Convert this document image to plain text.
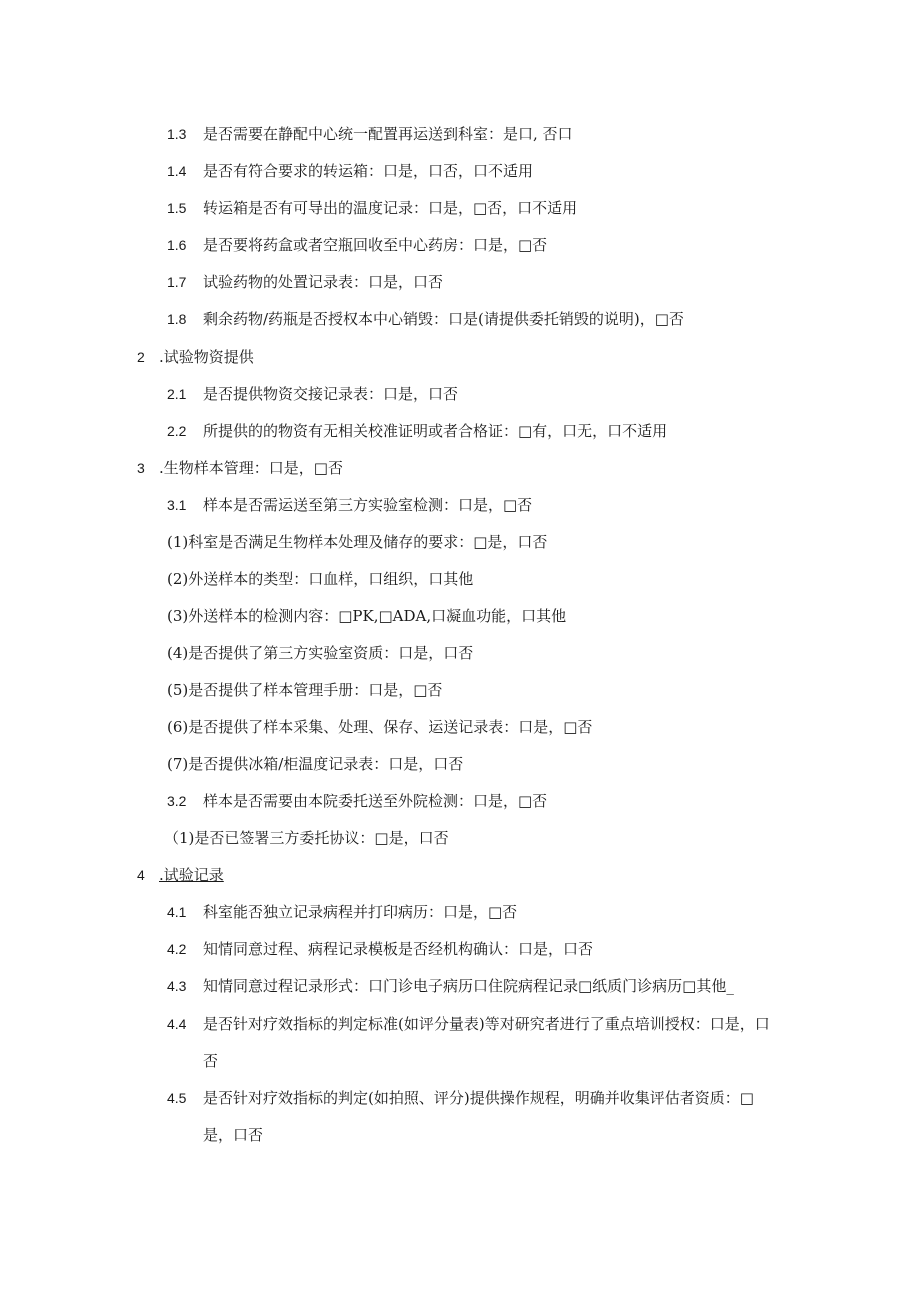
1.3 是否需要在静配中心统一配置再运送到科室：是口, 否口
1.4 是否有符合要求的转运箱：口是，口否，口不适用
1.5 转运箱是否有可导出的温度记录：口是，□否，口不适用
1.6 是否要将药盒或者空瓶回收至中心药房：口是，□否
1.7 试验药物的处置记录表：口是，口否
1.8 剩余药物/药瓶是否授权本中心销毁：口是(请提供委托销毁的说明)，□否
2 .试验物资提供
2.1 是否提供物资交接记录表：口是，口否
2.2 所提供的的物资有无相关校准证明或者合格证：□有，口无，口不适用
3 .生物样本管理：口是，□否
3.1 样本是否需运送至第三方实验室检测：口是，□否
(1)科室是否满足生物样本处理及储存的要求：□是，口否
(2)外送样本的类型：口血样，口组织，口其他
(3)外送样本的检测内容：□PK,□ADA,口凝血功能，口其他
(4)是否提供了第三方实验室资质：口是，口否
(5)是否提供了样本管理手册：口是，□否
(6)是否提供了样本采集、处理、保存、运送记录表：口是，□否
(7)是否提供冰箱/柜温度记录表：口是，口否
3.2 样本是否需要由本院委托送至外院检测：口是，□否
（1)是否已签署三方委托协议：□是，口否
4 .试验记录
4.1 科室能否独立记录病程并打印病历：口是，□否
4.2 知情同意过程、病程记录模板是否经机构确认：口是，口否
4.3 知情同意过程记录形式：口门诊电子病历口住院病程记录□纸质门诊病历□其他_
4.4 是否针对疗效指标的判定标准(如评分量表)等对研究者进行了重点培训授权：口是，口
否
4.5 是否针对疗效指标的判定(如拍照、评分)提供操作规程，明确并收集评估者资质：□
是，口否
